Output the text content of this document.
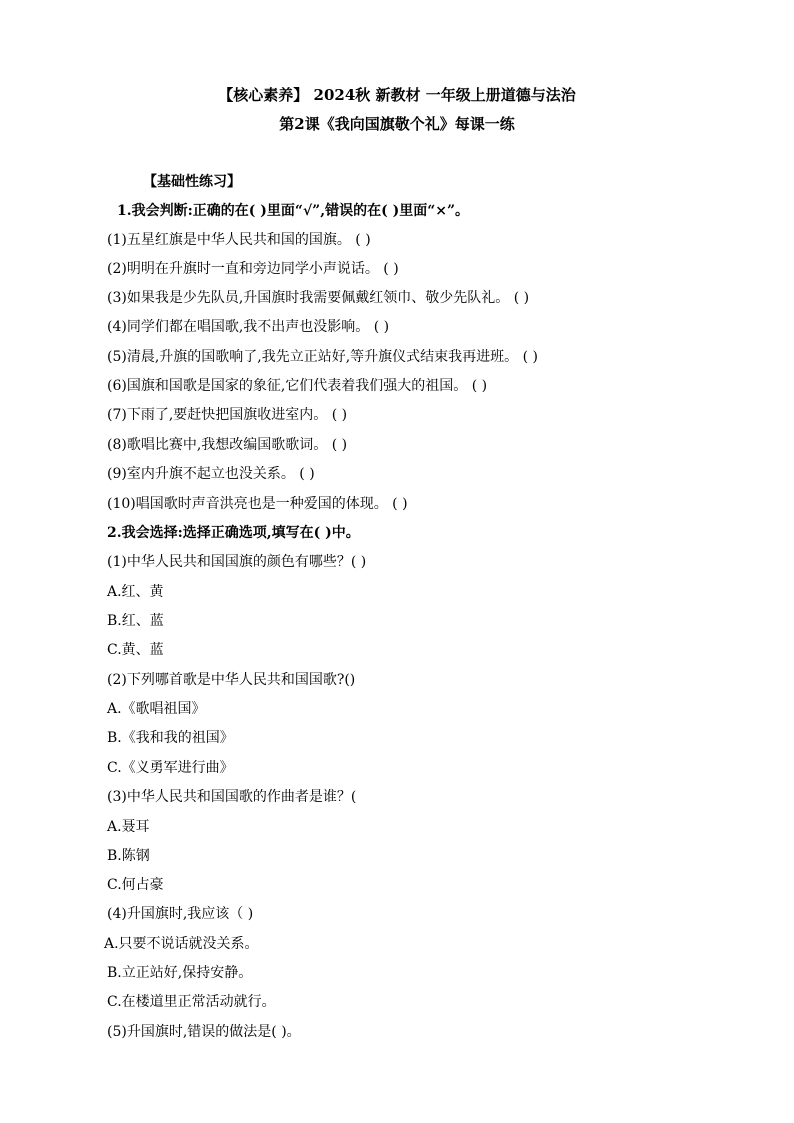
【核心素养】 2024秋 新教材 一年级上册道德与法治
第2课《我向国旗敬个礼》每课一练
【基础性练习】
1.我会判断:正确的在( )里面“√”,错误的在( )里面“×”。
(1)五星红旗是中华人民共和国的国旗。 ( )
(2)明明在升旗时一直和旁边同学小声说话。 ( )
(3)如果我是少先队员,升国旗时我需要佩戴红领巾、敬少先队礼。 ( )
(4)同学们都在唱国歌,我不出声也没影响。 ( )
(5)清晨,升旗的国歌响了,我先立正站好,等升旗仪式结束我再进班。 ( )
(6)国旗和国歌是国家的象征,它们代表着我们强大的祖国。 ( )
(7)下雨了,要赶快把国旗收进室内。 ( )
(8)歌唱比赛中,我想改编国歌歌词。 ( )
(9)室内升旗不起立也没关系。 ( )
(10)唱国歌时声音洪亮也是一种爱国的体现。 ( )
2.我会选择:选择正确选项,填写在( )中。
(1)中华人民共和国国旗的颜色有哪些？( )
A.红、黄
B.红、蓝
C.黄、蓝
(2)下列哪首歌是中华人民共和国国歌?()
A.《歌唱祖国》
B.《我和我的祖国》
C.《义勇军进行曲》
(3)中华人民共和国国歌的作曲者是谁？(
A.聂耳
B.陈钢
C.何占豪
(4)升国旗时,我应该（ )
A.只要不说话就没关系。
B.立正站好,保持安静。
C.在楼道里正常活动就行。
(5)升国旗时,错误的做法是( )。
